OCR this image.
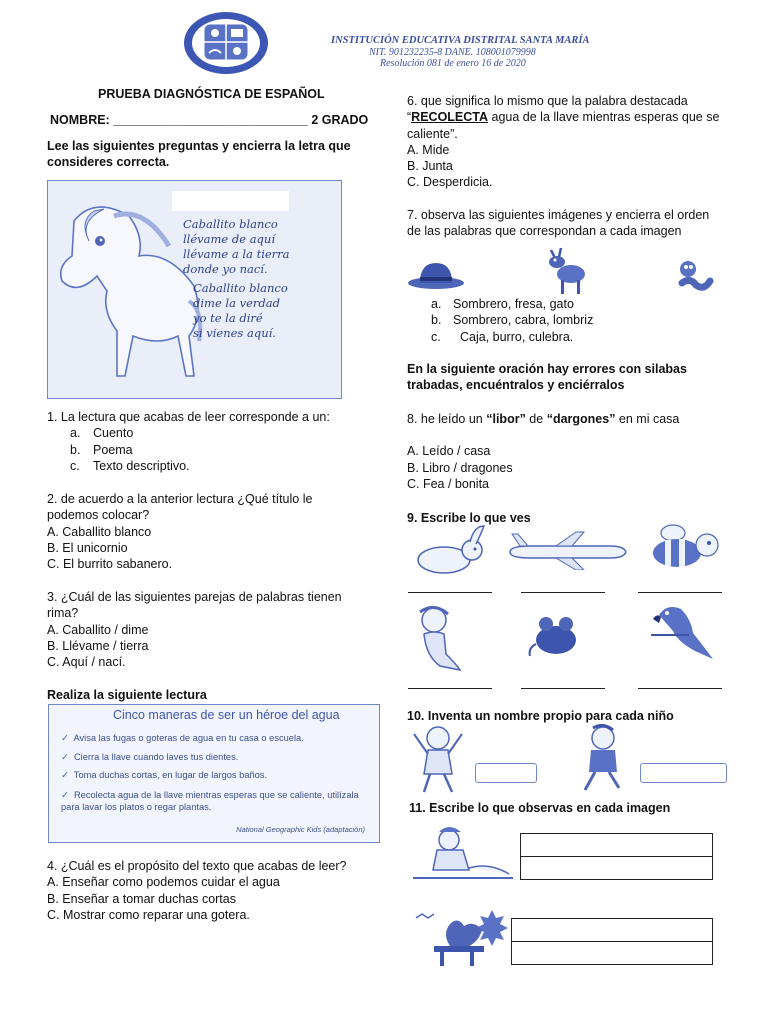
INSTITUCIÓN EDUCATIVA DISTRITAL SANTA MARÍA
NIT. 901232235-8 DANE. 108001079998
Resolución 081 de enero 16 de 2020
PRUEBA DIAGNÓSTICA DE ESPAÑOL
NOMBRE: ____________________________ 2 GRADO
Lee las siguientes preguntas y encierra la letra que
consideres correcta.
Caballito blanco
llévame de aquí
llévame a la tierra
donde yo nací.
Caballito blanco
dime la verdad
yo te la diré
si vienes aquí.
1. La lectura que acabas de leer corresponde a un:
a. Cuento
b. Poema
c. Texto descriptivo.
2. de acuerdo a la anterior lectura ¿Qué título le
podemos colocar?
A. Caballito blanco
B. El unicornio
C. El burrito sabanero.
3. ¿Cuál de las siguientes parejas de palabras tienen
rima?
A. Caballito / dime
B. Llévame / tierra
C. Aquí / nací.
Realiza la siguiente lectura
Cinco maneras de ser un héroe del agua
✓ Avisa las fugas o goteras de agua en tu casa o escuela.
✓ Cierra la llave cuando laves tus dientes.
✓ Toma duchas cortas, en lugar de largos baños.
✓ Recolecta agua de la llave mientras esperas que se caliente, utilízala
para lavar los platos o regar plantas.
National Geographic Kids (adaptación)
4. ¿Cuál es el propósito del texto que acabas de leer?
A. Enseñar como podemos cuidar el agua
B. Enseñar a tomar duchas cortas
C. Mostrar como reparar una gotera.
6. que significa lo mismo que la palabra destacada
“RECOLECTA agua de la llave mientras esperas que se
caliente”.
A. Mide
B. Junta
C. Desperdicia.
7. observa las siguientes imágenes y encierra el orden
de las palabras que correspondan a cada imagen
a. Sombrero, fresa, gato
b. Sombrero, cabra, lombriz
c. Caja, burro, culebra.
En la siguiente oración hay errores con silabas
trabadas, encuéntralos y enciérralos
8. he leído un “libor” de “dargones” en mi casa
A. Leído / casa
B. Libro / dragones
C. Fea / bonita
9. Escribe lo que ves
10. Inventa un nombre propio para cada niño
11. Escribe lo que observas en cada imagen
